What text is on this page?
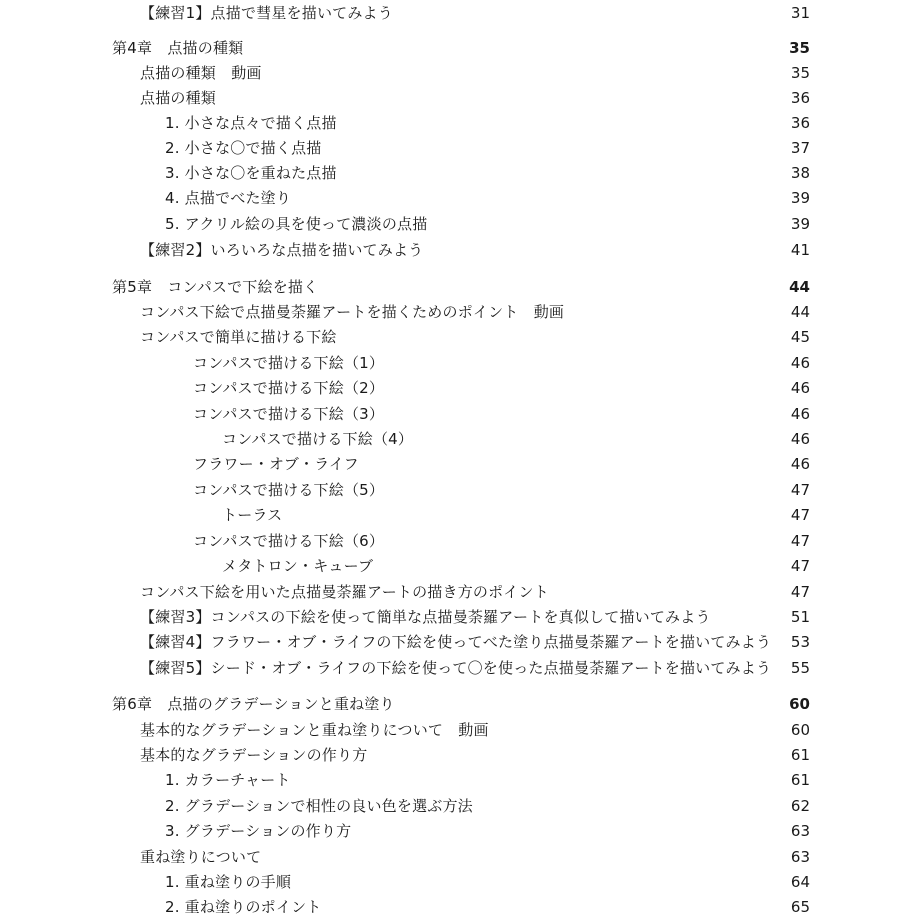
【練習1】点描で彗星を描いてみよう	31
第4章　点描の種類	35
点描の種類　動画	35
点描の種類	36
1. 小さな点々で描く点描	36
2. 小さな〇で描く点描	37
3. 小さな〇を重ねた点描	38
4. 点描でべた塗り	39
5. アクリル絵の具を使って濃淡の点描	39
【練習2】いろいろな点描を描いてみよう	41
第5章　コンパスで下絵を描く	44
コンパス下絵で点描曼荼羅アートを描くためのポイント　動画	44
コンパスで簡単に描ける下絵	45
コンパスで描ける下絵（1）	46
コンパスで描ける下絵（2）	46
コンパスで描ける下絵（3）	46
コンパスで描ける下絵（4）	46
フラワー・オブ・ライフ	46
コンパスで描ける下絵（5）	47
トーラス	47
コンパスで描ける下絵（6）	47
メタトロン・キューブ	47
コンパス下絵を用いた点描曼荼羅アートの描き方のポイント	47
【練習3】コンパスの下絵を使って簡単な点描曼荼羅アートを真似して描いてみよう	51
【練習4】フラワー・オブ・ライフの下絵を使ってべた塗り点描曼荼羅アートを描いてみよう 53
【練習5】シード・オブ・ライフの下絵を使って〇を使った点描曼荼羅アートを描いてみよう 55
第6章　点描のグラデーションと重ね塗り	60
基本的なグラデーションと重ね塗りについて　動画	60
基本的なグラデーションの作り方	61
1. カラーチャート	61
2. グラデーションで相性の良い色を選ぶ方法	62
3. グラデーションの作り方	63
重ね塗りについて	63
1. 重ね塗りの手順	64
2. 重ね塗りのポイント	65
